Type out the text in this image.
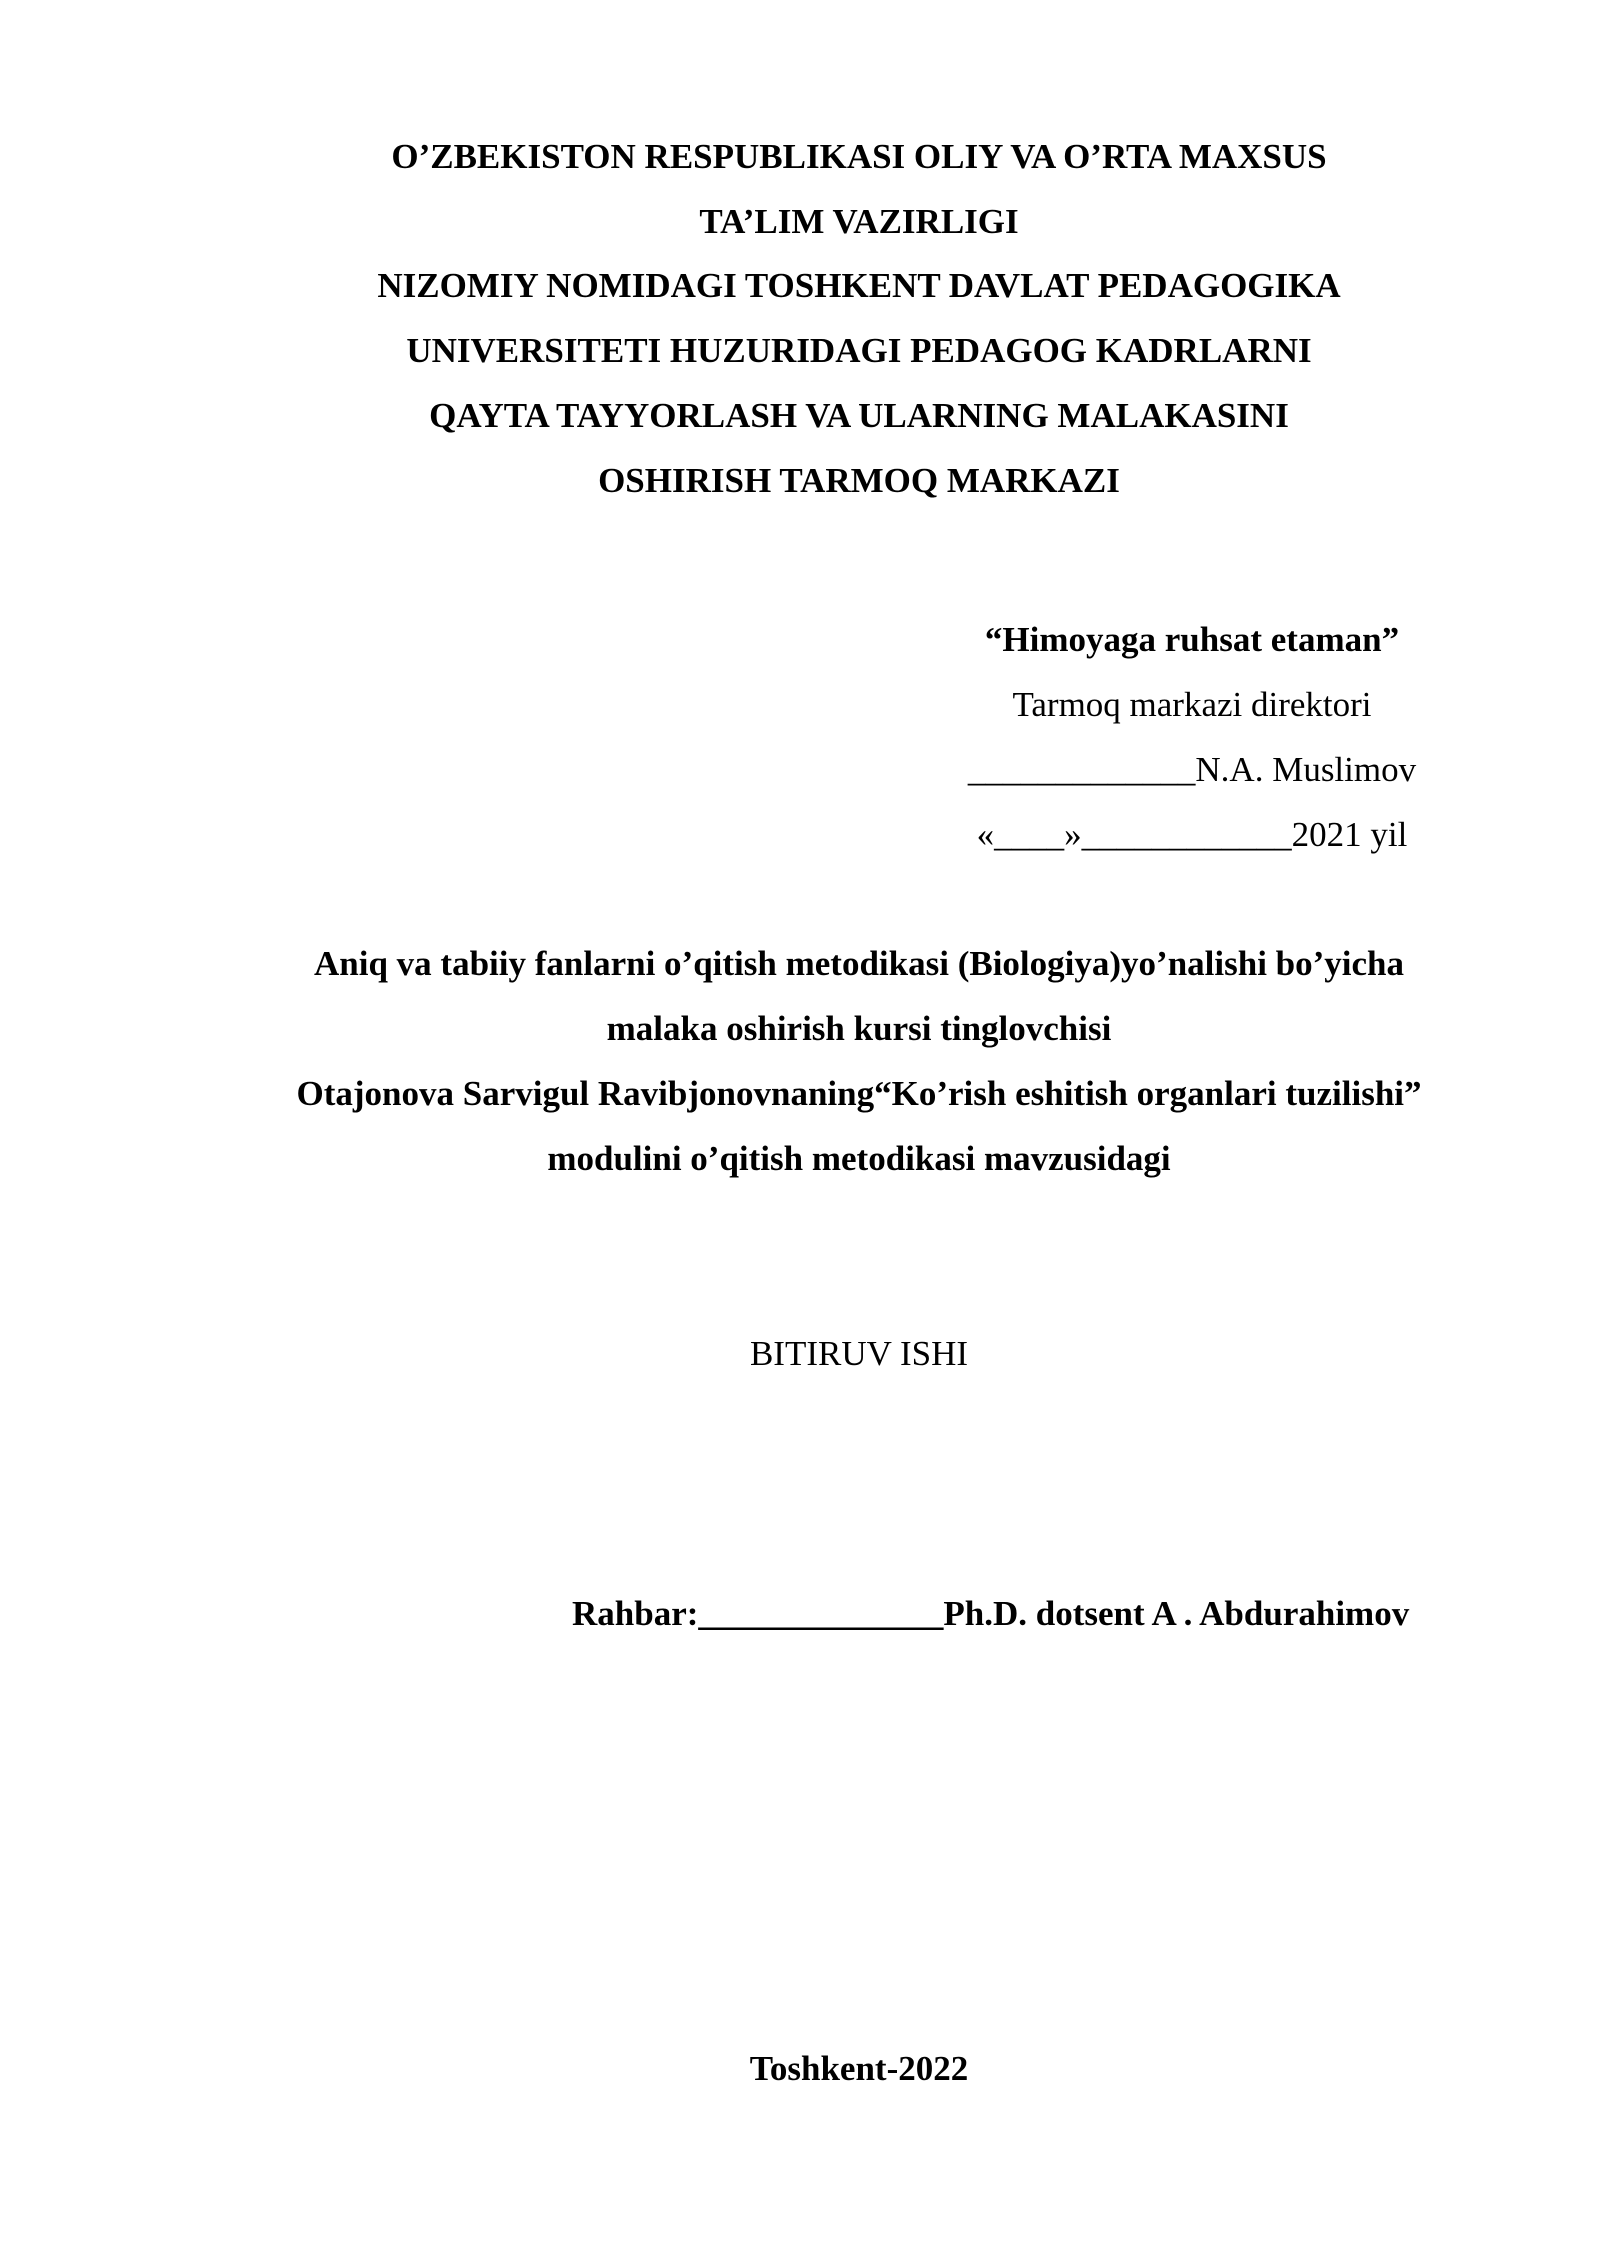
O’ZBEKISTON RESPUBLIKASI OLIY VA O’RTA MAXSUS
TA’LIM VAZIRLIGI
NIZOMIY NOMIDAGI TOSHKENT DAVLAT PEDAGOGIKA
UNIVERSITETI HUZURIDAGI PEDAGOG KADRLARNI
QAYTA TAYYORLASH VA ULARNING MALAKASINI
OSHIRISH TARMOQ MARKAZI
“Himoyaga ruhsat etaman”
Tarmoq markazi direktori
_____________N.A. Muslimov
«____»____________2021 yil
Aniq va tabiiy fanlarni o’qitish metodikasi (Biologiya)yo’nalishi bo’yicha
malaka oshirish kursi tinglovchisi
Otajonova Sarvigul Ravibjonovnaning“Ko’rish eshitish organlari tuzilishi”
modulini o’qitish metodikasi mavzusidagi
BITIRUV ISHI
Rahbar:______________Ph.D. dotsent A . Abdurahimov
Toshkent-2022
